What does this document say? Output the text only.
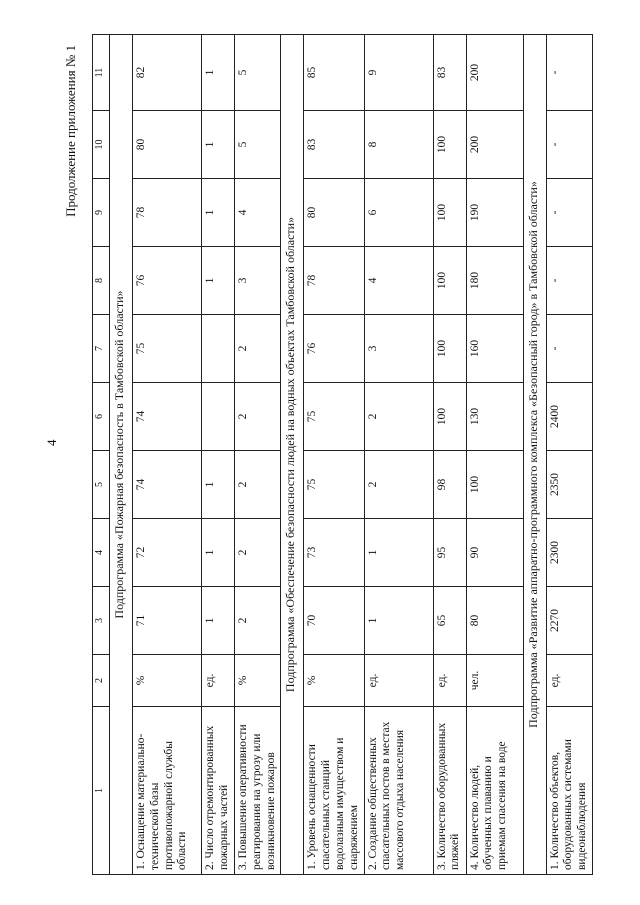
4
Продолжение приложения № 1
1	2	3	4	5	6	7	8	9	10	11
Подпрограмма «Пожарная безопасность в Тамбовской области»										
1. Оснащение материально-технической базы противопожарной службы области	%	71	72	74	74	75	76	78	80	82
2. Число отремонтированных пожарных частей	ед.	1	1	1			1	1	1	1
3. Повышение оперативности реагирования на угрозу или возникновение пожаров	%	2	2	2	2	2	3	4	5	5
Подпрограмма «Обеспечение безопасности людей на водных объектах Тамбовской области»										
1. Уровень оснащенности спасательных станций водолазным имуществом и снаряжением	%	70	73	75	75	76	78	80	83	85
2. Создание общественных спасательных постов в местах массового отдыха населения	ед.	1	1	2	2	3	4	6	8	9
3. Количество оборудованных пляжей	ед.	65	95	98	100	100	100	100	100	83
4. Количество людей, обученных плаванию и приемам спасения на воде	чел.	80	90	100	130	160	180	190	200	200
Подпрограмма «Развитие аппаратно-программного комплекса «Безопасный город» в Тамбовской области»										
1. Количество объектов, оборудованных системами видеонаблюдения	ед.	2270	2300	2350	2400	-	-	-	-	-
